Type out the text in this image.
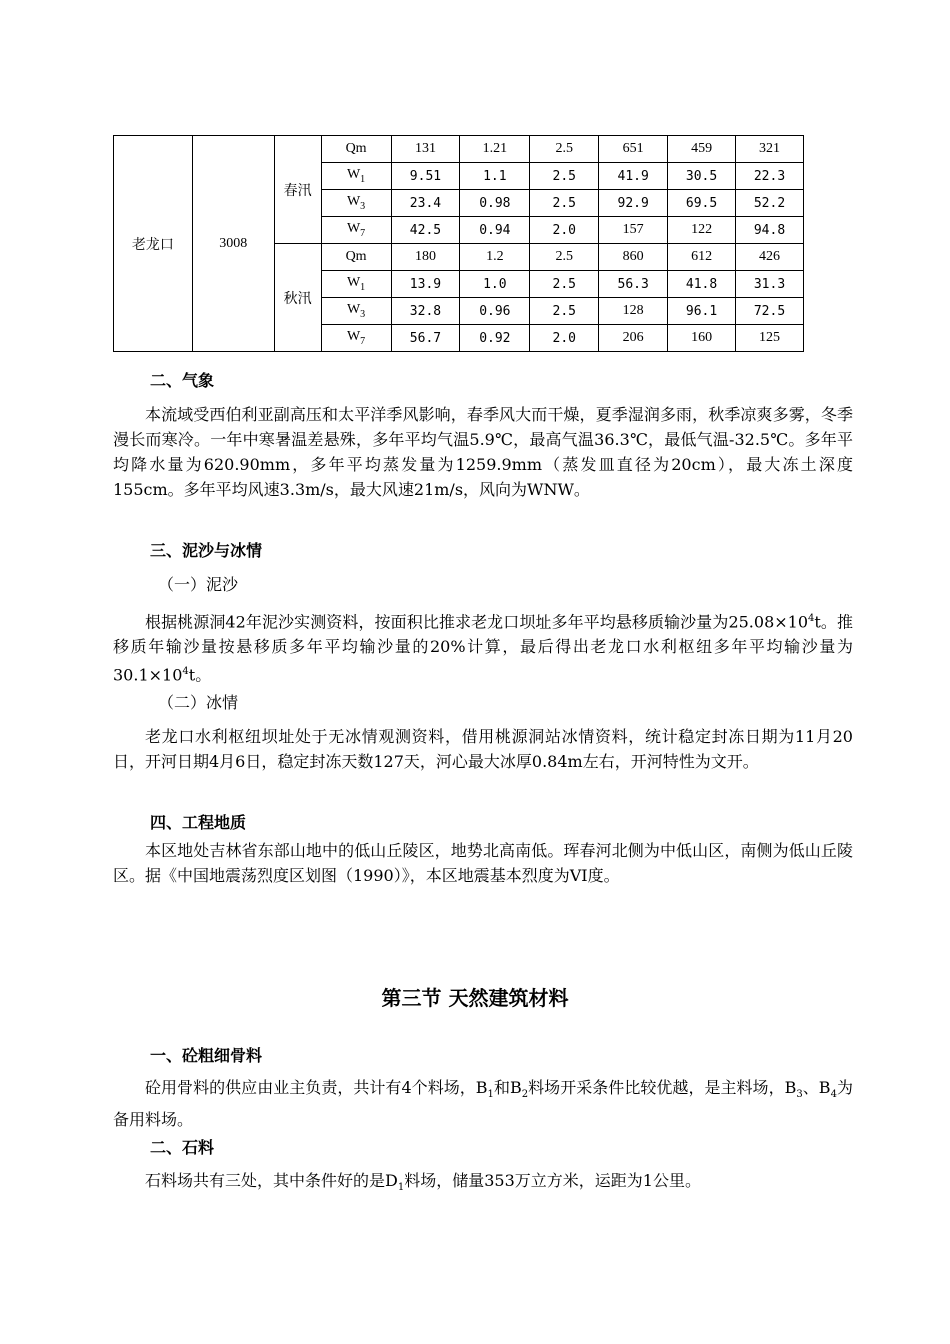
老龙口	3008	春汛	Qm	131	1.21	2.5	651	459	321
			$W_1$	9.51	1.1	2.5	41.9	30.5	22.3
			$W_3$	23.4	0.98	2.5	92.9	69.5	52.2
			$W_7$	42.5	0.94	2.0	157	122	94.8
		秋汛	Qm	180	1.2	2.5	860	612	426
			$W_1$	13.9	1.0	2.5	56.3	41.8	31.3
			$W_3$	32.8	0.96	2.5	128	96.1	72.5
			$W_7$	56.7	0.92	2.0	206	160	125
二、气象

本流域受西伯利亚副高压和太平洋季风影响，春季风大而干燥，夏季湿润多雨，秋季凉爽多雾，冬季漫长而寒冷。一年中寒暑温差悬殊，多年平均气温5.9℃，最高气温36.3℃，最低气温-32.5℃。多年平均降水量为620.90mm，多年平均蒸发量为1259.9mm（蒸发皿直径为20cm），最大冻土深度155cm。多年平均风速3.3m/s，最大风速21m/s，风向为WNW。

三、泥沙与冰情
（一）泥沙

根据桃源洞42年泥沙实测资料，按面积比推求老龙口坝址多年平均悬移质输沙量为$25.08\times 10^4t$。推移质年输沙量按悬移质多年平均输沙量的20%计算，最后得出老龙口水利枢纽多年平均输沙量为$30.1\times 10^4t$。

（二）冰情

老龙口水利枢纽坝址处于无冰情观测资料，借用桃源洞站冰情资料，统计稳定封冻日期为11月20日，开河日期4月6日，稳定封冻天数127天，河心最大冰厚0.84m左右，开河特性为文开。

四、工程地质

本区地处吉林省东部山地中的低山丘陵区，地势北高南低。珲春河北侧为中低山区，南侧为低山丘陵区。据《中国地震荡烈度区划图（1990）》，本区地震基本烈度为VI度。

第三节 天然建筑材料
一、砼粗细骨料

砼用骨料的供应由业主负责，共计有4个料场，$B_1$和$B_2$料场开采条件比较优越，是主料场，$B_3$、$B_4$为备用料场。

二、石料

石料场共有三处，其中条件好的是$D_1$料场，储量353万立方米，运距为1公里。
